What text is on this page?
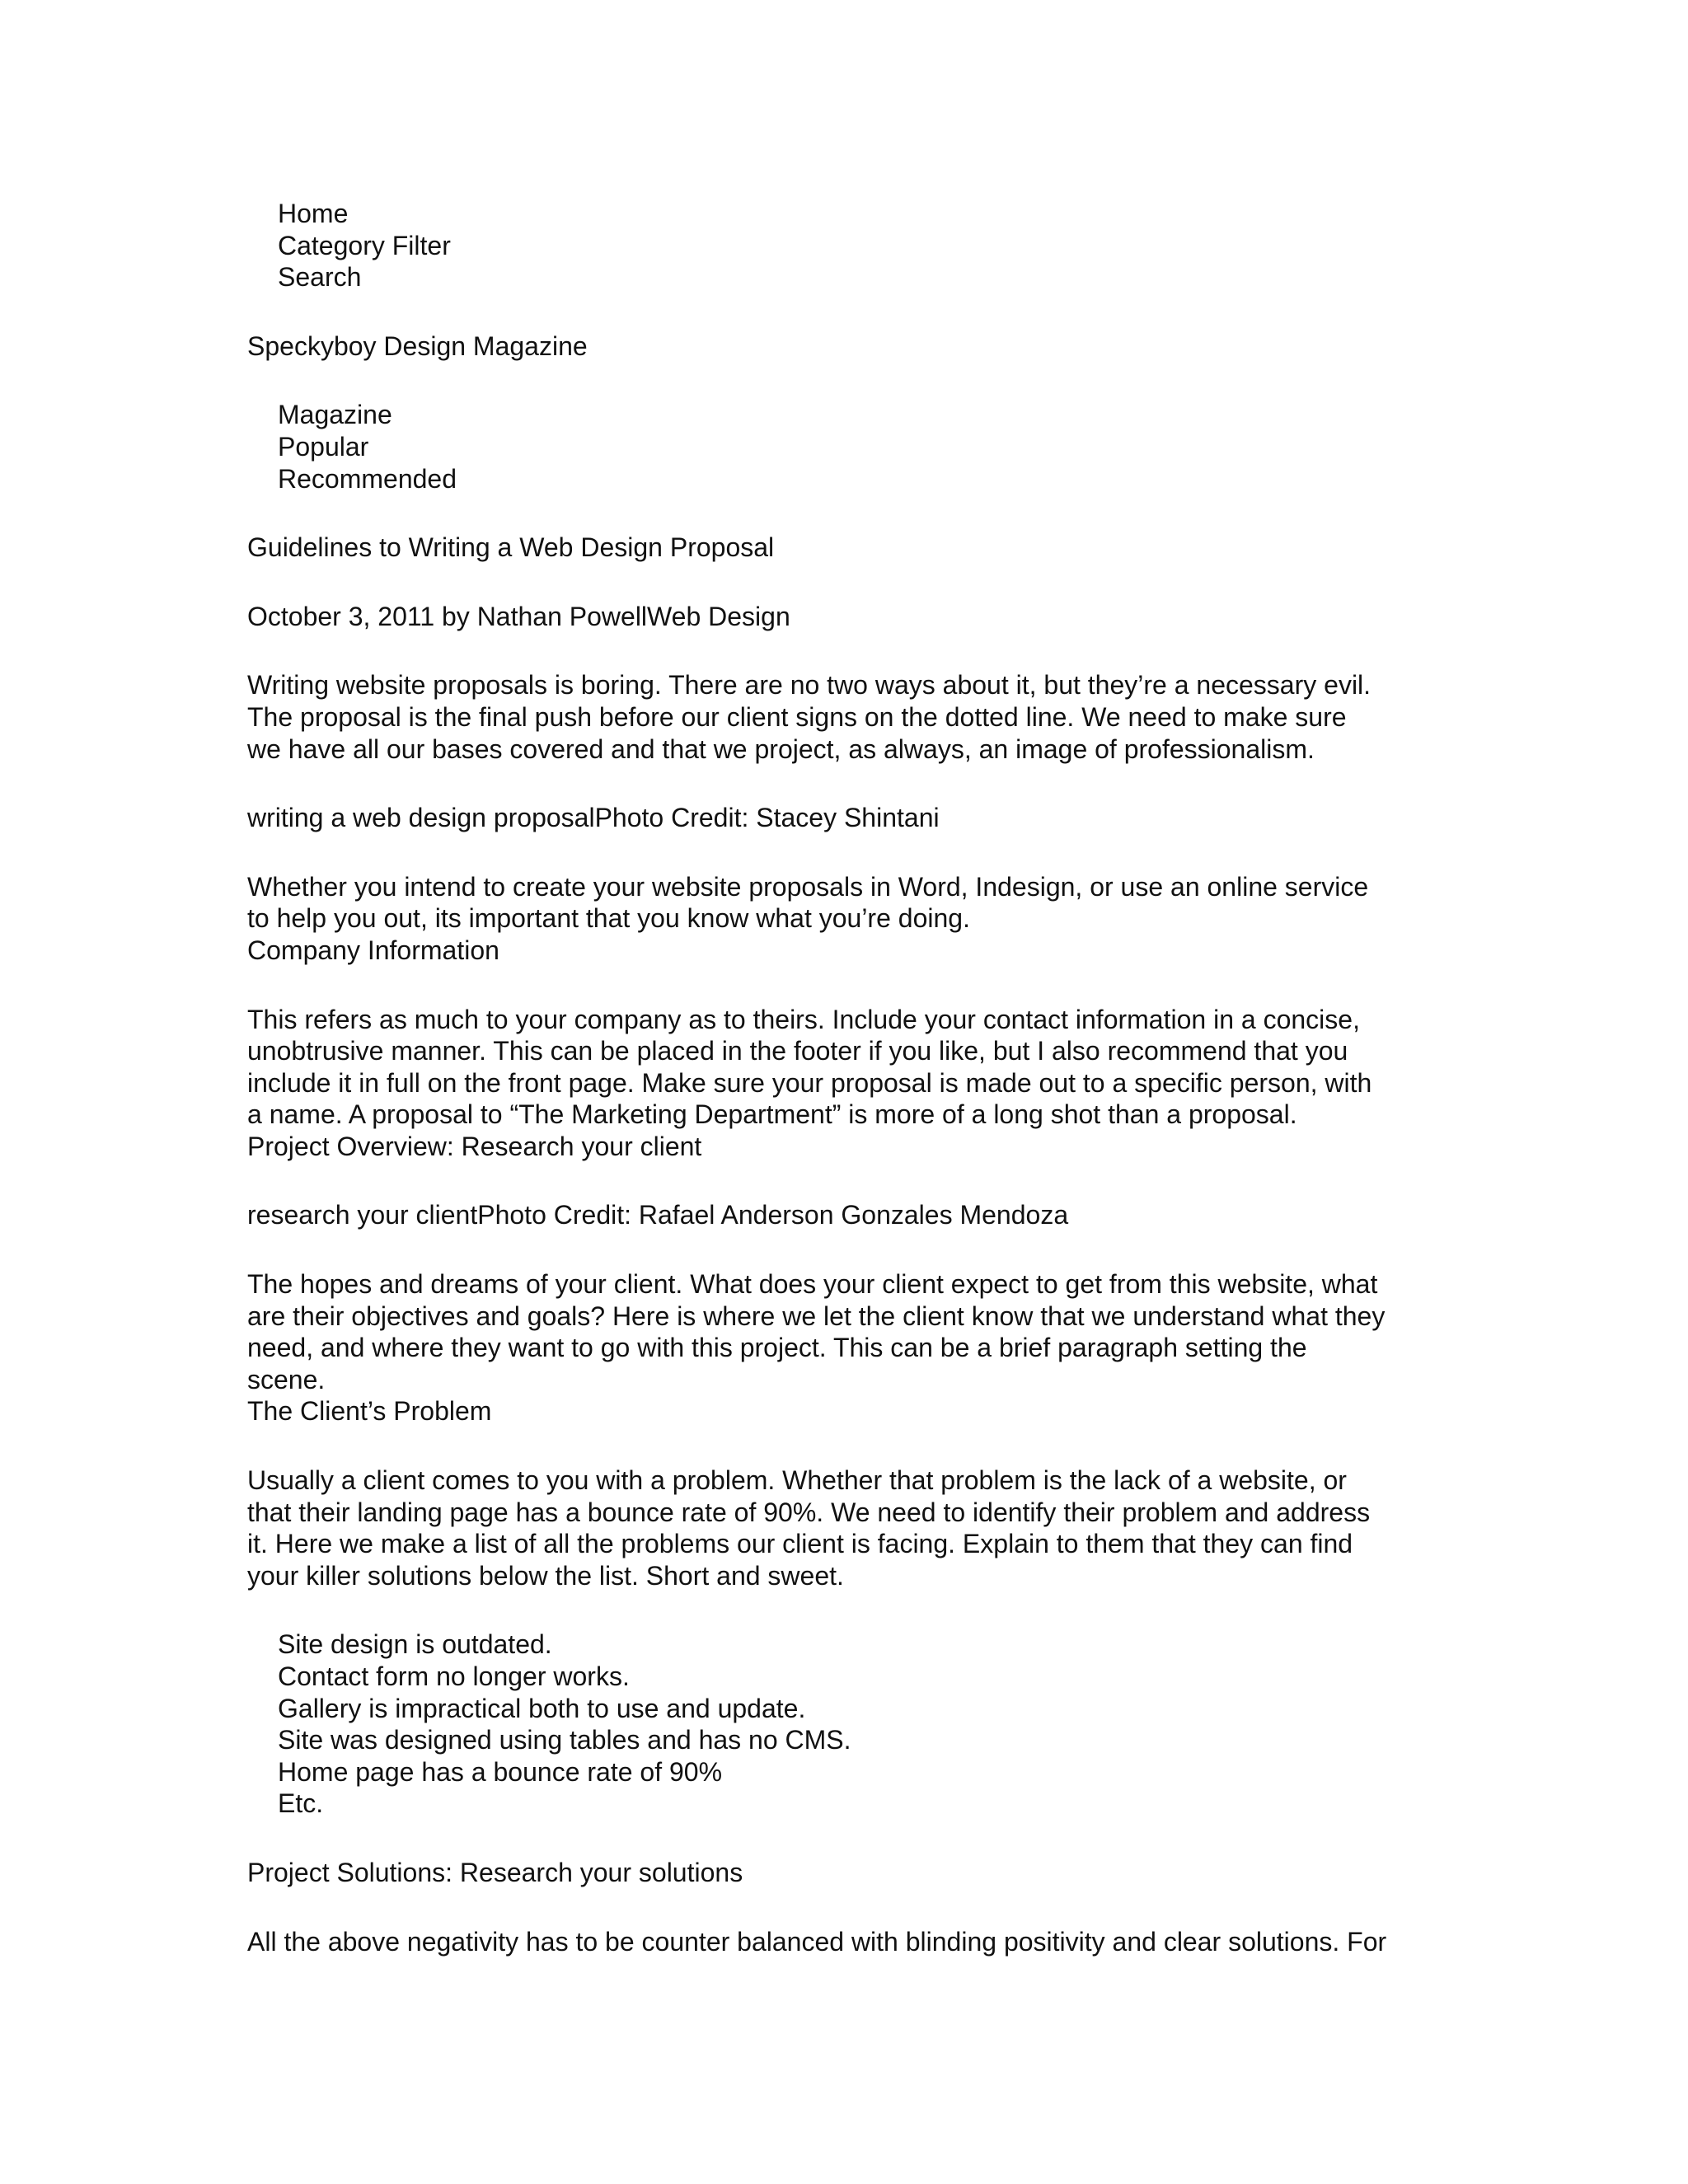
Home
Category Filter
Search
Speckyboy Design Magazine
Magazine
Popular
Recommended
Guidelines to Writing a Web Design Proposal
October 3, 2011 by Nathan PowellWeb Design
Writing website proposals is boring. There are no two ways about it, but they’re a necessary evil.
The proposal is the final push before our client signs on the dotted line. We need to make sure
we have all our bases covered and that we project, as always, an image of professionalism.
writing a web design proposalPhoto Credit: Stacey Shintani
Whether you intend to create your website proposals in Word, Indesign, or use an online service
to help you out, its important that you know what you’re doing.
Company Information
This refers as much to your company as to theirs. Include your contact information in a concise,
unobtrusive manner. This can be placed in the footer if you like, but I also recommend that you
include it in full on the front page. Make sure your proposal is made out to a specific person, with
a name. A proposal to “The Marketing Department” is more of a long shot than a proposal.
Project Overview: Research your client
research your clientPhoto Credit: Rafael Anderson Gonzales Mendoza
The hopes and dreams of your client. What does your client expect to get from this website, what
are their objectives and goals? Here is where we let the client know that we understand what they
need, and where they want to go with this project. This can be a brief paragraph setting the
scene.
The Client’s Problem
Usually a client comes to you with a problem. Whether that problem is the lack of a website, or
that their landing page has a bounce rate of 90%. We need to identify their problem and address
it. Here we make a list of all the problems our client is facing. Explain to them that they can find
your killer solutions below the list. Short and sweet.
Site design is outdated.
Contact form no longer works.
Gallery is impractical both to use and update.
Site was designed using tables and has no CMS.
Home page has a bounce rate of 90%
Etc.
Project Solutions: Research your solutions
All the above negativity has to be counter balanced with blinding positivity and clear solutions. For
